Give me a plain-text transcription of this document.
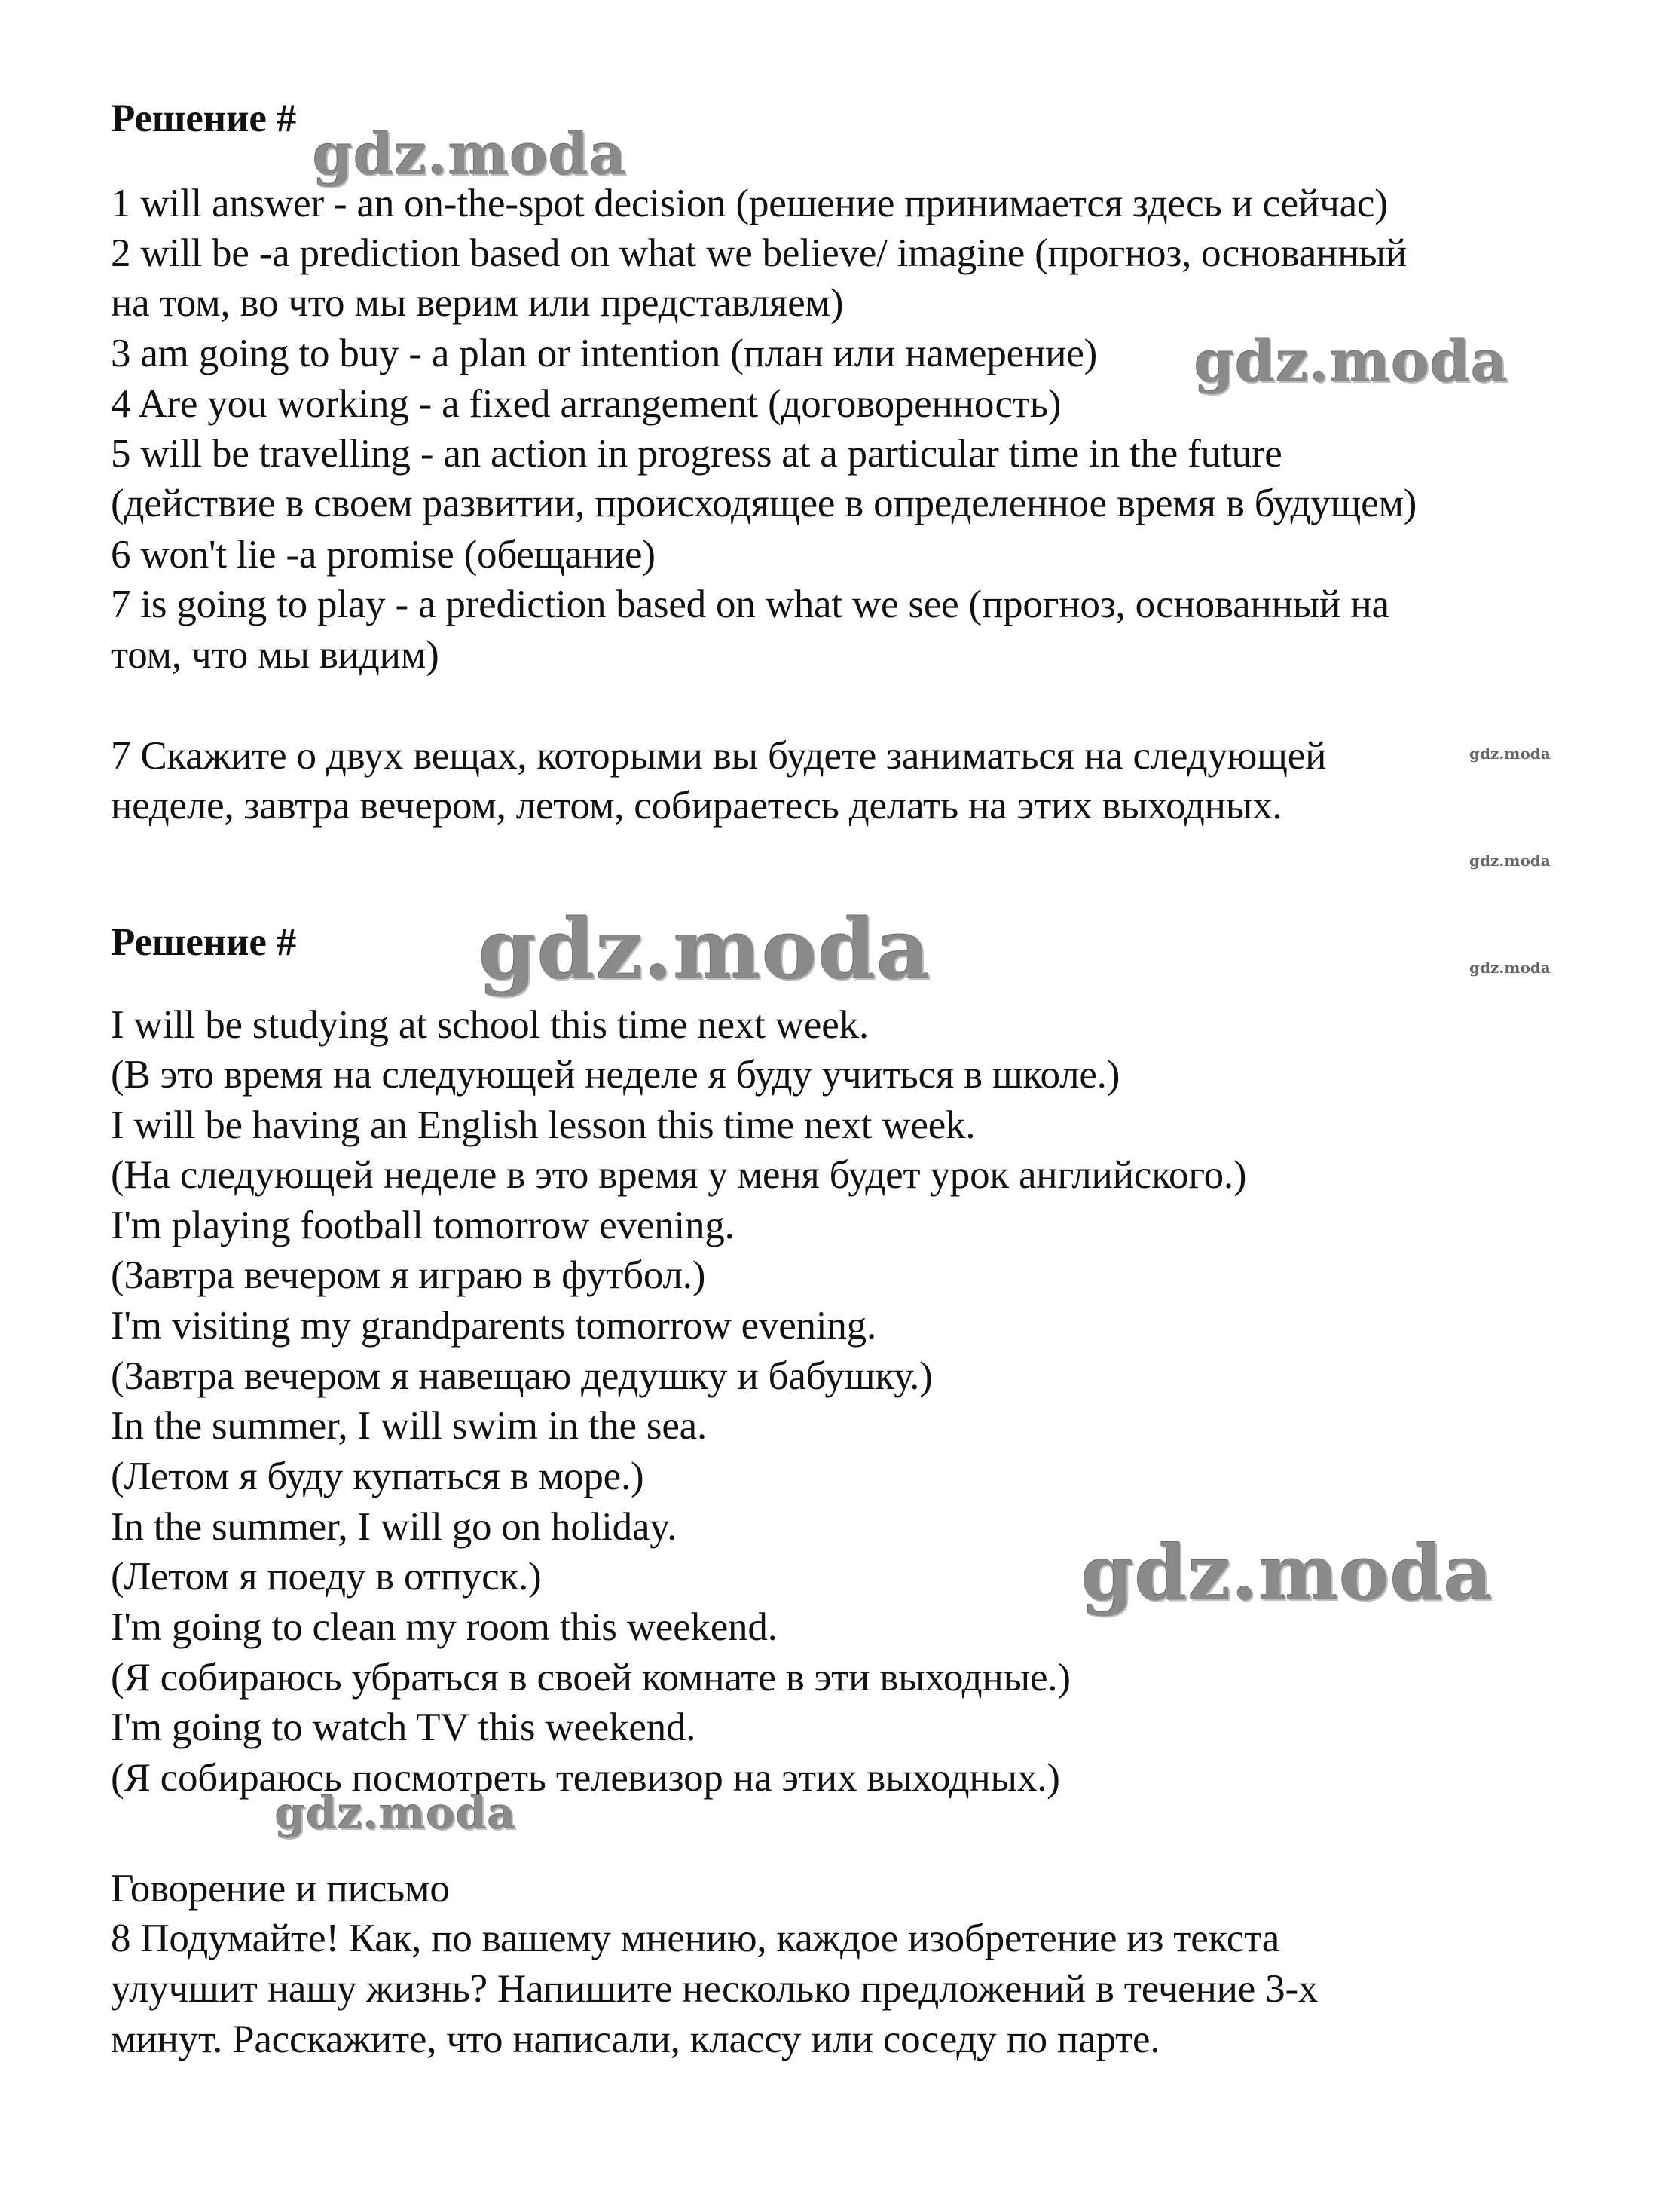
Решение #
1 will answer - an on-the-spot decision (решение принимается здесь и сейчас)
2 will be -a prediction based on what we believe/ imagine (прогноз, основанный
на том, во что мы верим или представляем)
3 am going to buy - a plan or intention (план или намерение)
4 Are you working - a fixed arrangement (договоренность)
5 will be travelling - an action in progress at a particular time in the future
(действие в своем развитии, происходящее в определенное время в будущем)
6 won't lie -a promise (обещание)
7 is going to play - a prediction based on what we see (прогноз, основанный на
том, что мы видим)
7 Скажите о двух вещах, которыми вы будете заниматься на следующей
неделе, завтра вечером, летом, собираетесь делать на этих выходных.
Решение #
I will be studying at school this time next week.
(В это время на следующей неделе я буду учиться в школе.)
I will be having an English lesson this time next week.
(На следующей неделе в это время у меня будет урок английского.)
I'm playing football tomorrow evening.
(Завтра вечером я играю в футбол.)
I'm visiting my grandparents tomorrow evening.
(Завтра вечером я навещаю дедушку и бабушку.)
In the summer, I will swim in the sea.
(Летом я буду купаться в море.)
In the summer, I will go on holiday.
(Летом я поеду в отпуск.)
I'm going to clean my room this weekend.
(Я собираюсь убраться в своей комнате в эти выходные.)
I'm going to watch TV this weekend.
(Я собираюсь посмотреть телевизор на этих выходных.)
Говорение и письмо
8 Подумайте! Как, по вашему мнению, каждое изобретение из текста
улучшит нашу жизнь? Напишите несколько предложений в течение 3-х
минут. Расскажите, что написали, классу или соседу по парте.
gdz.moda
gdz.moda
gdz.moda
gdz.moda
gdz.moda	gdz.moda
gdz.moda
gdz.moda
